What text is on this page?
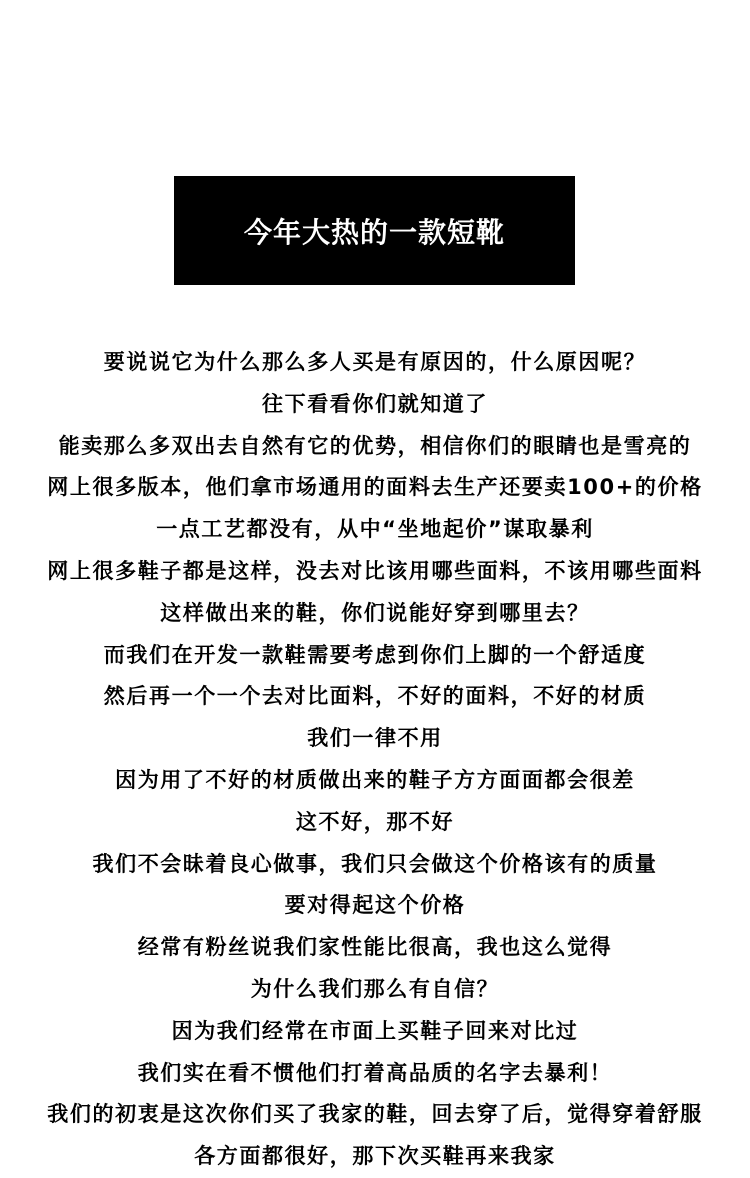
今年大热的一款短靴
要说说它为什么那么多人买是有原因的，什么原因呢？
往下看看你们就知道了
能卖那么多双出去自然有它的优势，相信你们的眼睛也是雪亮的
网上很多版本，他们拿市场通用的面料去生产还要卖100+的价格
一点工艺都没有，从中“坐地起价”谋取暴利
网上很多鞋子都是这样，没去对比该用哪些面料，不该用哪些面料
这样做出来的鞋，你们说能好穿到哪里去？
而我们在开发一款鞋需要考虑到你们上脚的一个舒适度
然后再一个一个去对比面料，不好的面料，不好的材质
我们一律不用
因为用了不好的材质做出来的鞋子方方面面都会很差
这不好，那不好
我们不会昧着良心做事，我们只会做这个价格该有的质量
要对得起这个价格
经常有粉丝说我们家性能比很高，我也这么觉得
为什么我们那么有自信？
因为我们经常在市面上买鞋子回来对比过
我们实在看不惯他们打着高品质的名字去暴利！
我们的初衷是这次你们买了我家的鞋，回去穿了后，觉得穿着舒服
各方面都很好，那下次买鞋再来我家
